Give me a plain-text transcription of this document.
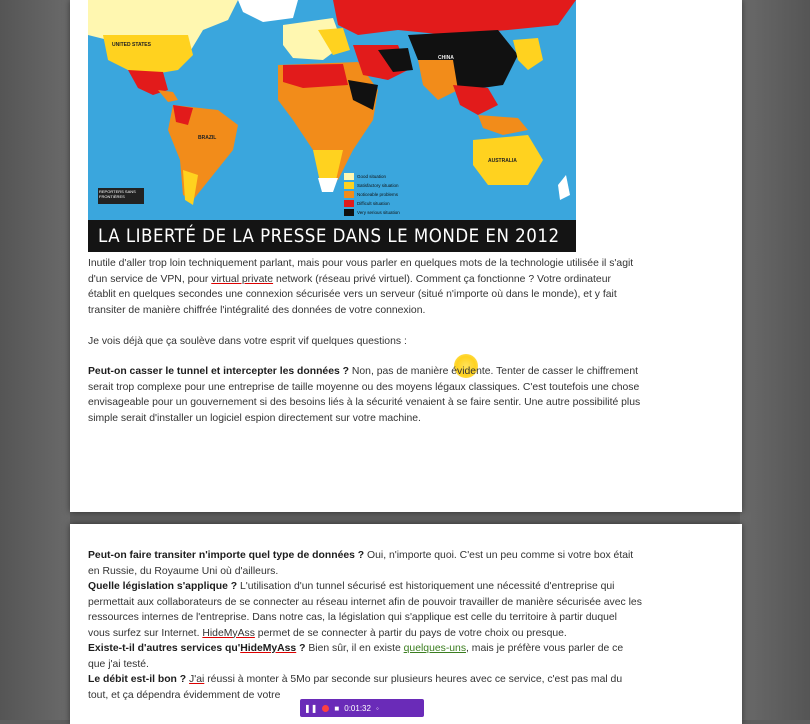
UNITED STATES
CHINA
BRAZIL
AUSTRALIA
REPORTERS SANS FRONTIÈRES
Good situation
Satisfactory situation
Noticeable problems
Difficult situation
Very serious situation
LA LIBERTÉ DE LA PRESSE DANS LE MONDE EN 2012
Inutile d'aller trop loin techniquement parlant, mais pour vous parler en quelques mots de la technologie utilisée il s'agit
d'un service de VPN, pour virtual private network (réseau privé virtuel). Comment ça fonctionne ? Votre ordinateur
établit en quelques secondes une connexion sécurisée vers un serveur (situé n'importe où dans le monde), et y fait
transiter de manière chiffrée l'intégralité des données de votre connexion.
Je vois déjà que ça soulève dans votre esprit vif quelques questions :
Peut-on casser le tunnel et intercepter les données ? Non, pas de manière évidente. Tenter de casser le chiffrement
serait trop complexe pour une entreprise de taille moyenne ou des moyens légaux classiques. C'est toutefois une chose
envisageable pour un gouvernement si des besoins liés à la sécurité venaient à se faire sentir. Une autre possibilité plus
simple serait d'installer un logiciel espion directement sur votre machine.
Peut-on faire transiter n'importe quel type de données ? Oui, n'importe quoi. C'est un peu comme si votre box était
en Russie, du Royaume Uni où d'ailleurs.
Quelle législation s'applique ? L'utilisation d'un tunnel sécurisé est historiquement une nécessité d'entreprise qui
permettait aux collaborateurs de se connecter au réseau internet afin de pouvoir travailler de manière sécurisée avec les
ressources internes de l'entreprise. Dans notre cas, la législation qui s'applique est celle du territoire à partir duquel
vous surfez sur Internet. HideMyAss permet de se connecter à partir du pays de votre choix ou presque.
Existe-t-il d'autres services qu'HideMyAss ? Bien sûr, il en existe quelques-uns, mais je préfère vous parler de ce
que j'ai testé.
Le débit est-il bon ? J'ai réussi à monter à 5Mo par seconde sur plusieurs heures avec ce service, c'est pas mal du
tout, et ça dépendra évidemment de votre
❚❚ ■ 0:01:32 ◦
